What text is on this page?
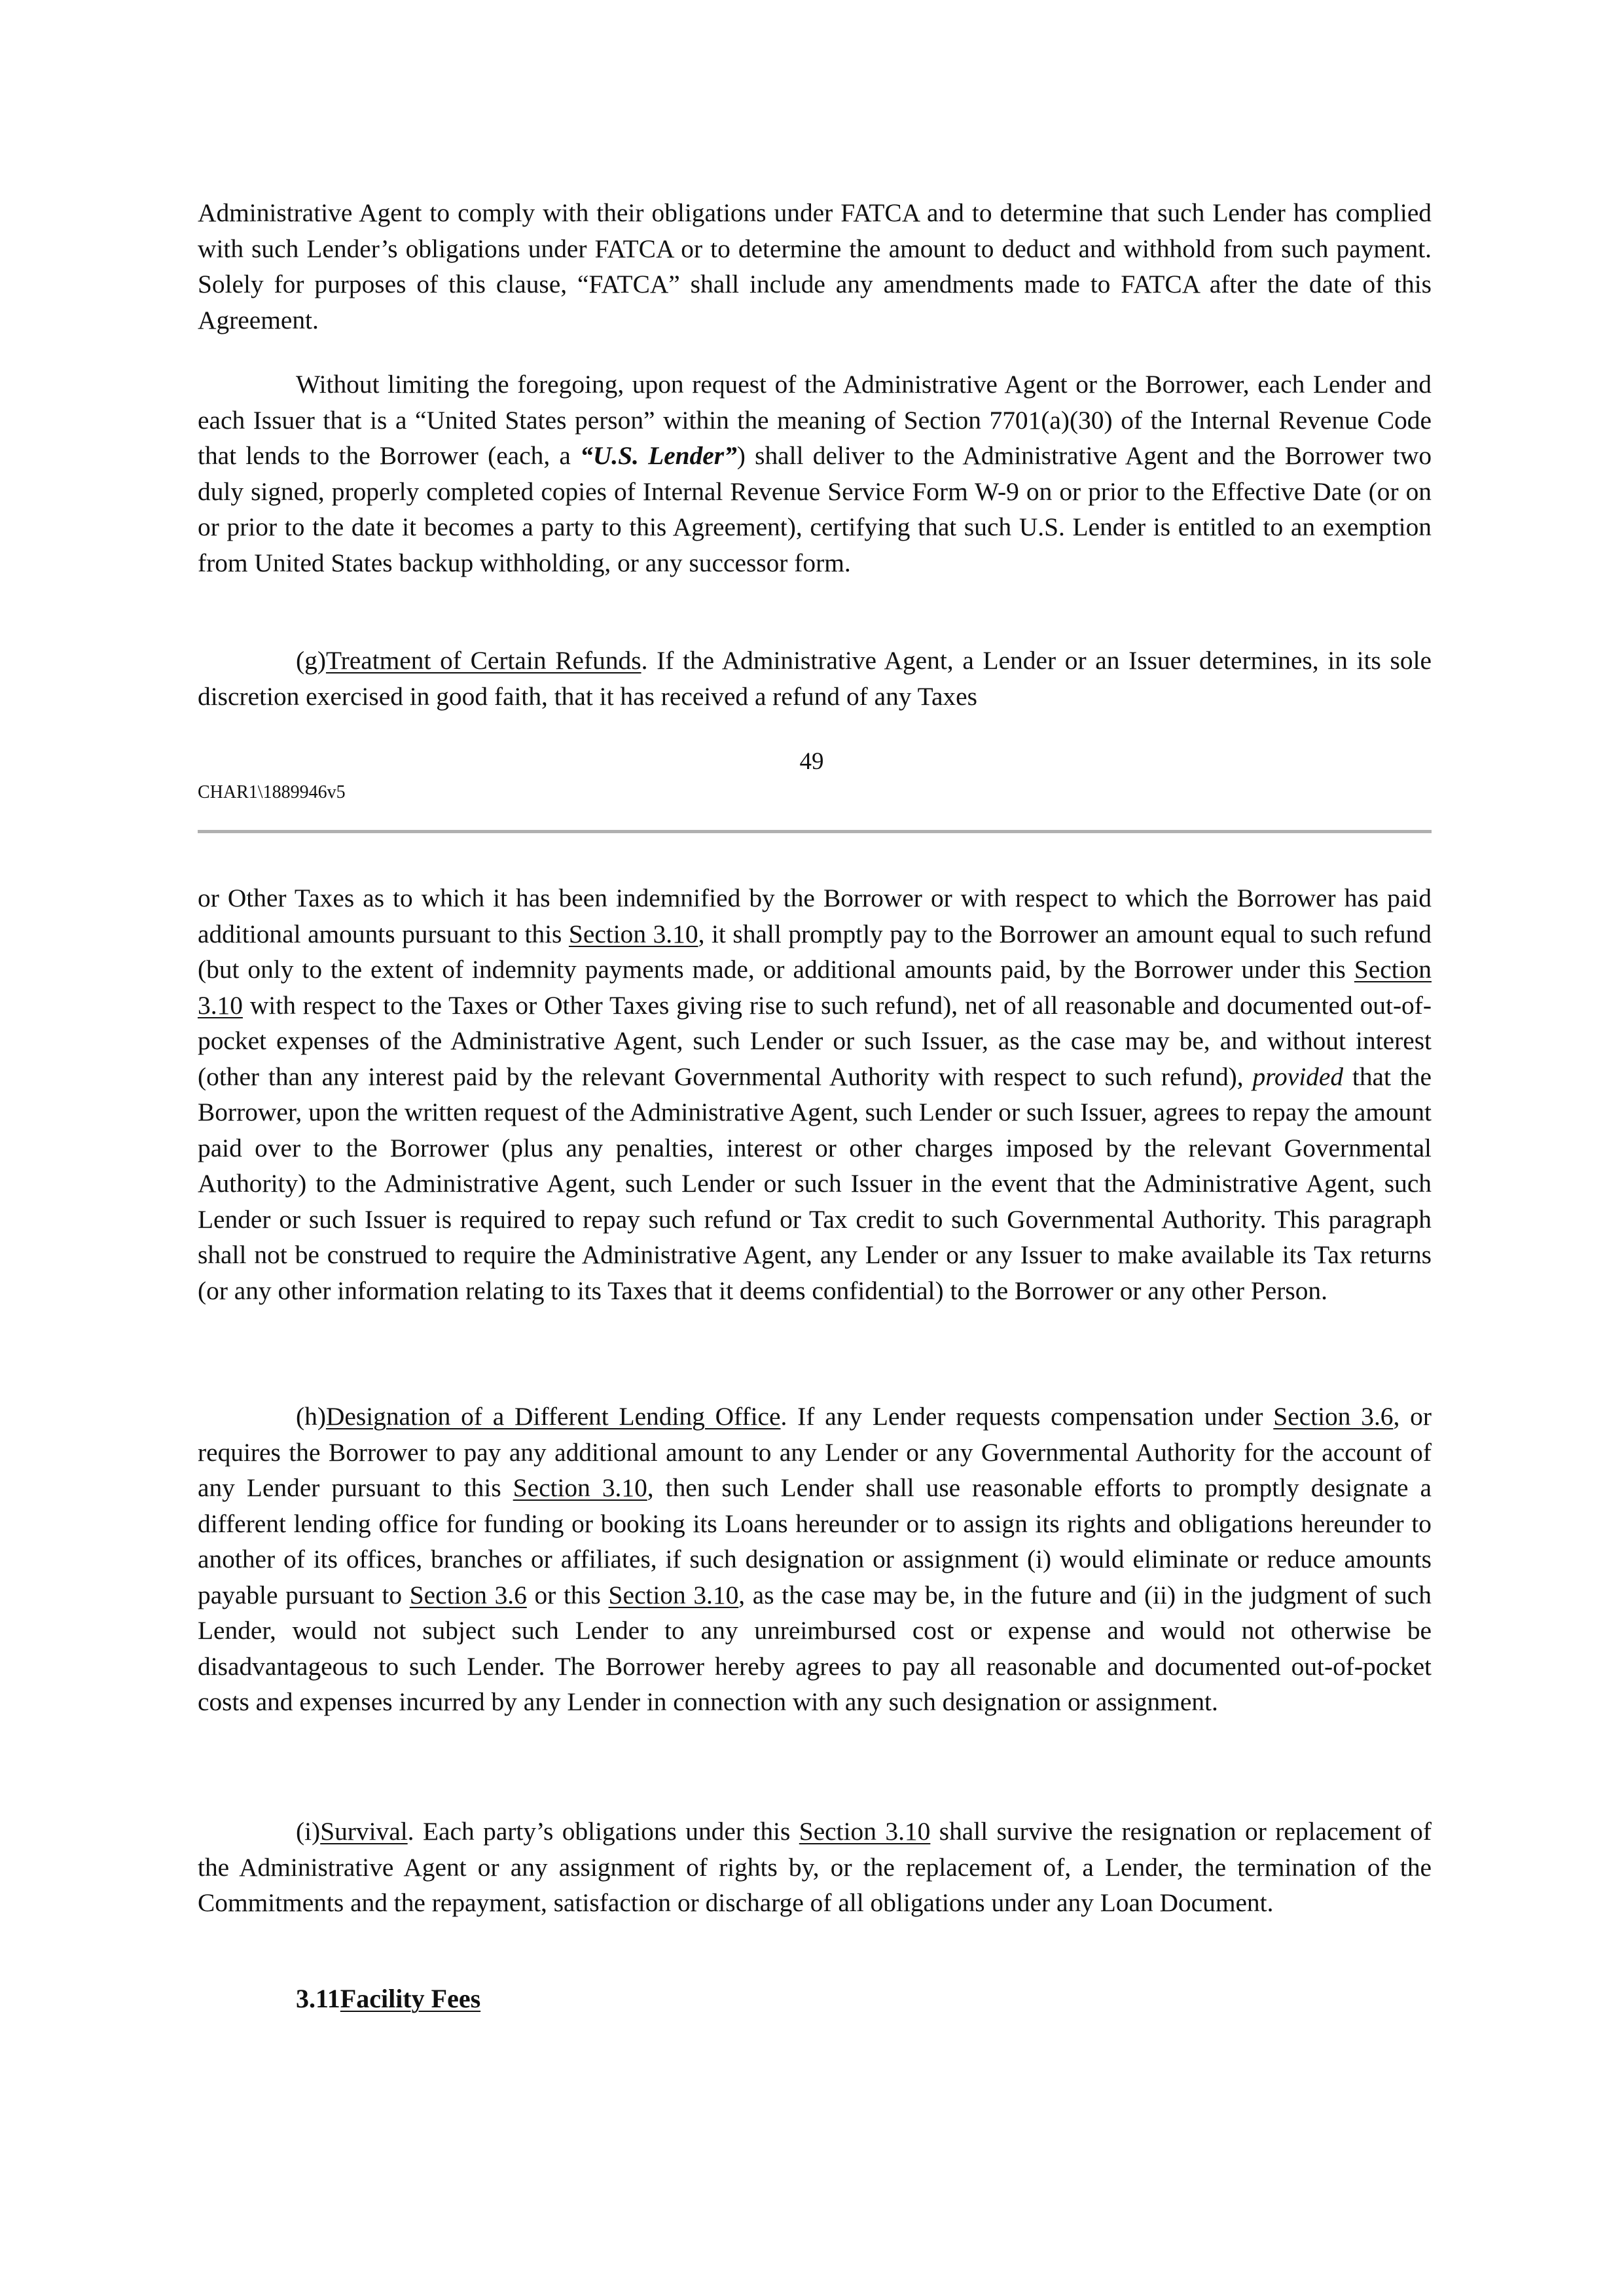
Administrative Agent to comply with their obligations under FATCA and to determine that such Lender has complied with such Lender’s obligations under FATCA or to determine the amount to deduct and withhold from such payment. Solely for purposes of this clause, “FATCA” shall include any amendments made to FATCA after the date of this Agreement.

Without limiting the foregoing, upon request of the Administrative Agent or the Borrower, each Lender and each Issuer that is a “United States person” within the meaning of Section 7701(a)(30) of the Internal Revenue Code that lends to the Borrower (each, a “U.S. Lender”) shall deliver to the Administrative Agent and the Borrower two duly signed, properly completed copies of Internal Revenue Service Form W-9 on or prior to the Effective Date (or on or prior to the date it becomes a party to this Agreement), certifying that such U.S. Lender is entitled to an exemption from United States backup withholding, or any successor form.

(g)Treatment of Certain Refunds. If the Administrative Agent, a Lender or an Issuer determines, in its sole discretion exercised in good faith, that it has received a refund of any Taxes

49
CHAR1\1889946v5

or Other Taxes as to which it has been indemnified by the Borrower or with respect to which the Borrower has paid additional amounts pursuant to this Section 3.10, it shall promptly pay to the Borrower an amount equal to such refund (but only to the extent of indemnity payments made, or additional amounts paid, by the Borrower under this Section 3.10 with respect to the Taxes or Other Taxes giving rise to such refund), net of all reasonable and documented out-of-pocket expenses of the Administrative Agent, such Lender or such Issuer, as the case may be, and without interest (other than any interest paid by the relevant Governmental Authority with respect to such refund), provided that the Borrower, upon the written request of the Administrative Agent, such Lender or such Issuer, agrees to repay the amount paid over to the Borrower (plus any penalties, interest or other charges imposed by the relevant Governmental Authority) to the Administrative Agent, such Lender or such Issuer in the event that the Administrative Agent, such Lender or such Issuer is required to repay such refund or Tax credit to such Governmental Authority. This paragraph shall not be construed to require the Administrative Agent, any Lender or any Issuer to make available its Tax returns (or any other information relating to its Taxes that it deems confidential) to the Borrower or any other Person.

(h)Designation of a Different Lending Office. If any Lender requests compensation under Section 3.6, or requires the Borrower to pay any additional amount to any Lender or any Governmental Authority for the account of any Lender pursuant to this Section 3.10, then such Lender shall use reasonable efforts to promptly designate a different lending office for funding or booking its Loans hereunder or to assign its rights and obligations hereunder to another of its offices, branches or affiliates, if such designation or assignment (i) would eliminate or reduce amounts payable pursuant to Section 3.6 or this Section 3.10, as the case may be, in the future and (ii) in the judgment of such Lender, would not subject such Lender to any unreimbursed cost or expense and would not otherwise be disadvantageous to such Lender. The Borrower hereby agrees to pay all reasonable and documented out-of-pocket costs and expenses incurred by any Lender in connection with any such designation or assignment.

(i)Survival. Each party’s obligations under this Section 3.10 shall survive the resignation or replacement of the Administrative Agent or any assignment of rights by, or the replacement of, a Lender, the termination of the Commitments and the repayment, satisfaction or discharge of all obligations under any Loan Document.

3.11Facility Fees
